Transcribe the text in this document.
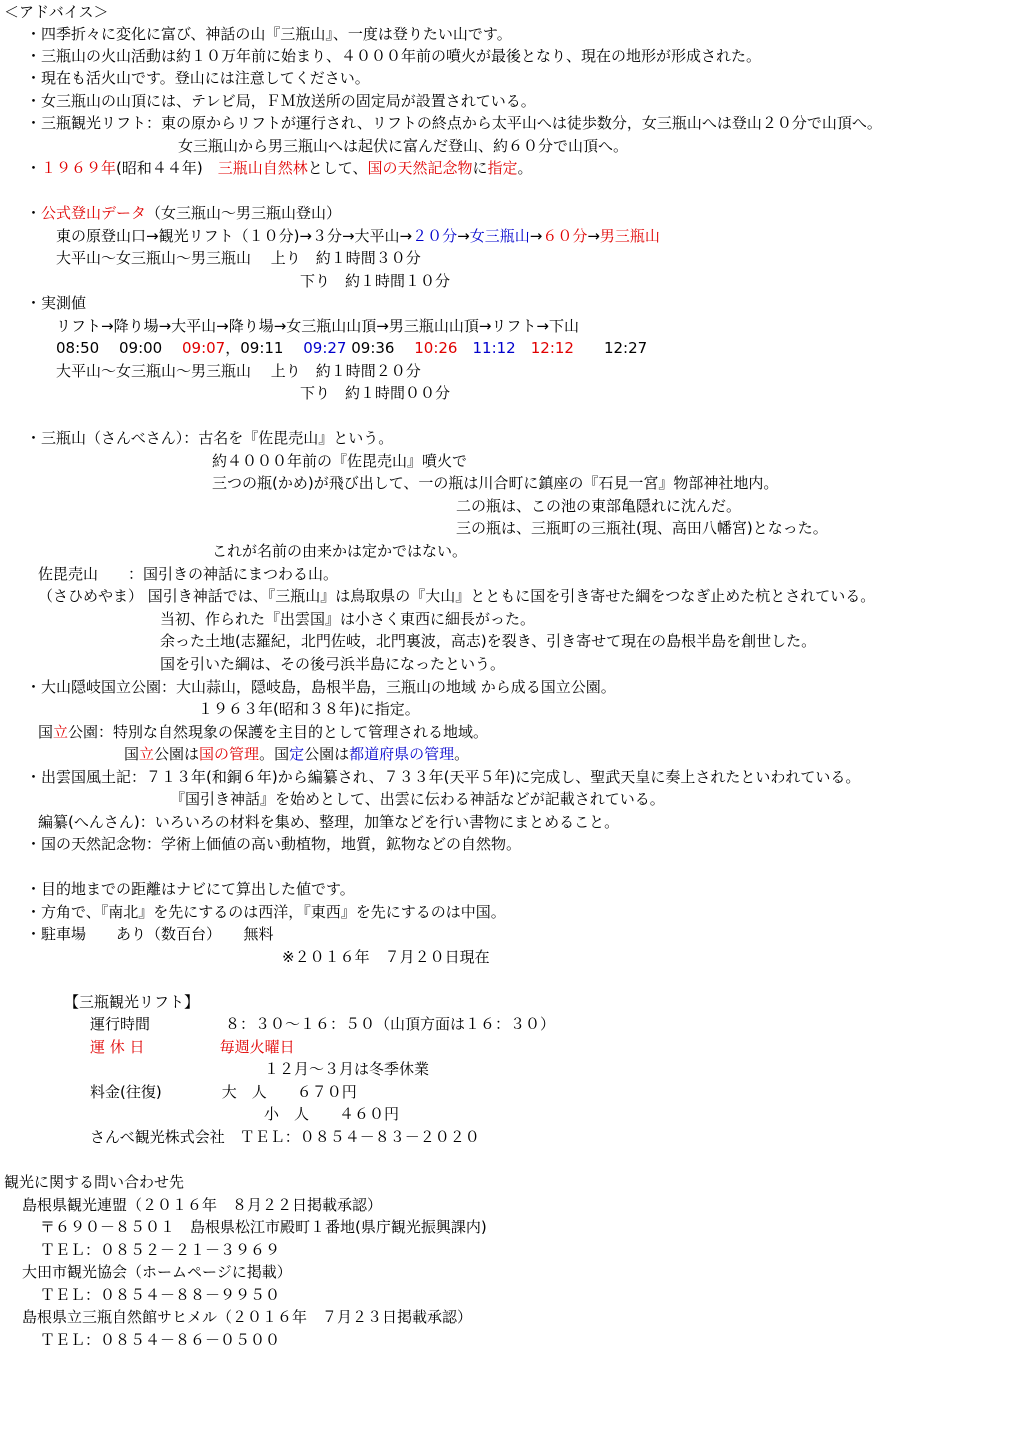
＜アドバイス＞
・四季折々に変化に富び、神話の山『三瓶山』、一度は登りたい山です。
・三瓶山の火山活動は約１０万年前に始まり、４０００年前の噴火が最後となり、現在の地形が形成された。
・現在も活火山です。登山には注意してください。
・女三瓶山の山頂には、テレビ局，ＦＭ放送所の固定局が設置されている。
・三瓶観光リフト：東の原からリフトが運行され、リフトの終点から太平山へは徒歩数分，女三瓶山へは登山２０分で山頂へ。
女三瓶山から男三瓶山へは起伏に富んだ登山、約６０分で山頂へ。
・１９６９年(昭和４４年)　三瓶山自然林として、国の天然記念物に指定。
・公式登山データ（女三瓶山～男三瓶山登山）
東の原登山口→観光リフト（１０分)→３分→大平山→２０分→女三瓶山→６０分→男三瓶山
大平山～女三瓶山～男三瓶山　 上り　約１時間３０分
下り　約１時間１０分
・実測値
リフト→降り場→大平山→降り場→女三瓶山山頂→男三瓶山山頂→リフト→下山
08:50　 09:00　 09:07，09:11　 09:27 09:36　 10:26　 11:12　 12:12　　12:27
大平山～女三瓶山～男三瓶山　 上り　約１時間２０分
下り　約１時間００分
・三瓶山（さんべさん）：古名を『佐毘売山』という。
約４０００年前の『佐毘売山』噴火で
三つの瓶(かめ)が飛び出して、一の瓶は川合町に鎮座の『石見一宮』物部神社地内。
二の瓶は、この池の東部亀隠れに沈んだ。
三の瓶は、三瓶町の三瓶社(現、高田八幡宮)となった。
これが名前の由来かは定かではない。
佐毘売山　　：国引きの神話にまつわる山。
（さひめやま） 国引き神話では、『三瓶山』は鳥取県の『大山』とともに国を引き寄せた綱をつなぎ止めた杭とされている。
当初、作られた『出雲国』は小さく東西に細長がった。
余った土地(志羅紀，北門佐岐，北門裏波，高志)を裂き、引き寄せて現在の島根半島を創世した。
国を引いた綱は、その後弓浜半島になったという。
・大山隠岐国立公園：大山蒜山，隠岐島，島根半島，三瓶山の地域 から成る国立公園。
１９６３年(昭和３８年)に指定。
国立公園：特別な自然現象の保護を主目的として管理される地域。
国立公園は国の管理。国定公園は都道府県の管理。
・出雲国風土記：７１３年(和銅６年)から編纂され、７３３年(天平５年)に完成し、聖武天皇に奏上されたといわれている。
『国引き神話』を始めとして、出雲に伝わる神話などが記載されている。
編纂(へんさん)：いろいろの材料を集め、整理，加筆などを行い書物にまとめること。
・国の天然記念物：学術上価値の高い動植物，地質，鉱物などの自然物。
・目的地までの距離はナビにて算出した値です。
・方角で、『南北』を先にするのは西洋，『東西』を先にするのは中国。
・駐車場　　あり（数百台）　　無料
※２０１６年　７月２０日現在
【三瓶観光リフト】
運行時間　　　　　８：３０～１６：５０（山頂方面は１６：３０）
運 休 日　　　　　	毎週火曜日
１２月～３月は冬季休業
料金(往復)　　　　大　人　　６７０円
小　人　　４６０円
さんべ観光株式会社　ＴＥＬ：０８５４－８３－２０２０
観光に関する問い合わせ先
島根県観光連盟（２０１６年　８月２２日掲載承認）
〒６９０－８５０１　島根県松江市殿町１番地(県庁観光振興課内)
ＴＥＬ：０８５２－２１－３９６９
大田市観光協会（ホームページに掲載）
ＴＥＬ：０８５４－８８－９９５０
島根県立三瓶自然館サヒメル（２０１６年　７月２３日掲載承認）
ＴＥＬ：０８５４－８６－０５００
